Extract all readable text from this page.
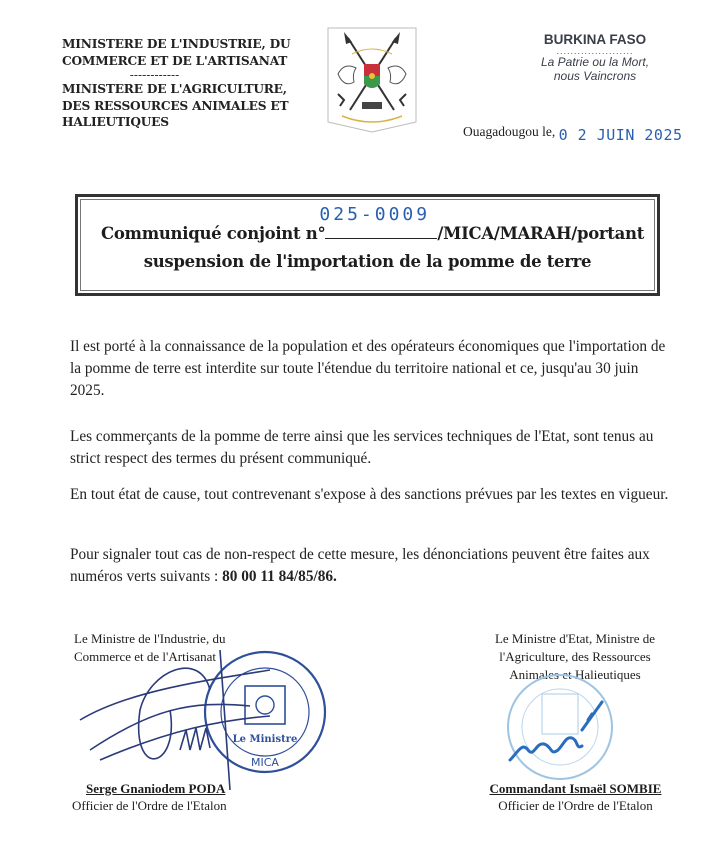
MINISTERE DE L'INDUSTRIE, DU
COMMERCE ET DE L'ARTISANAT
------------
MINISTERE DE L'AGRICULTURE,
DES RESSOURCES ANIMALES ET
HALIEUTIQUES
BURKINA FASO
......................
La Patrie ou la Mort,
nous Vaincrons
Ouagadougou le, 0 2 JUIN 2025
Communiqué conjoint n°
025-0009
/MICA/MARAH/portant
suspension de l'importation de la pomme de terre
Il est porté à la connaissance de la population et des opérateurs économiques que l'importation de la pomme de terre est interdite sur toute l'étendue du territoire national et ce, jusqu'au 30 juin 2025.
Les commerçants de la pomme de terre ainsi que les services techniques de l'Etat, sont tenus au strict respect des termes du présent communiqué.
En tout état de cause, tout contrevenant s'expose à des sanctions prévues par les textes en vigueur.
Pour signaler tout cas de non-respect de cette mesure, les dénonciations peuvent être faites aux numéros verts suivants : 80 00 11 84/85/86.
Le Ministre de l'Industrie, du
Commerce et de l'Artisanat
Le Ministre
MICA
Serge Gnaniodem PODA
Officier de l'Ordre de l'Etalon
Le Ministre d'Etat, Ministre de
l'Agriculture, des Ressources
Animales et Halieutiques
Commandant Ismaël SOMBIE
Officier de l'Ordre de l'Etalon
